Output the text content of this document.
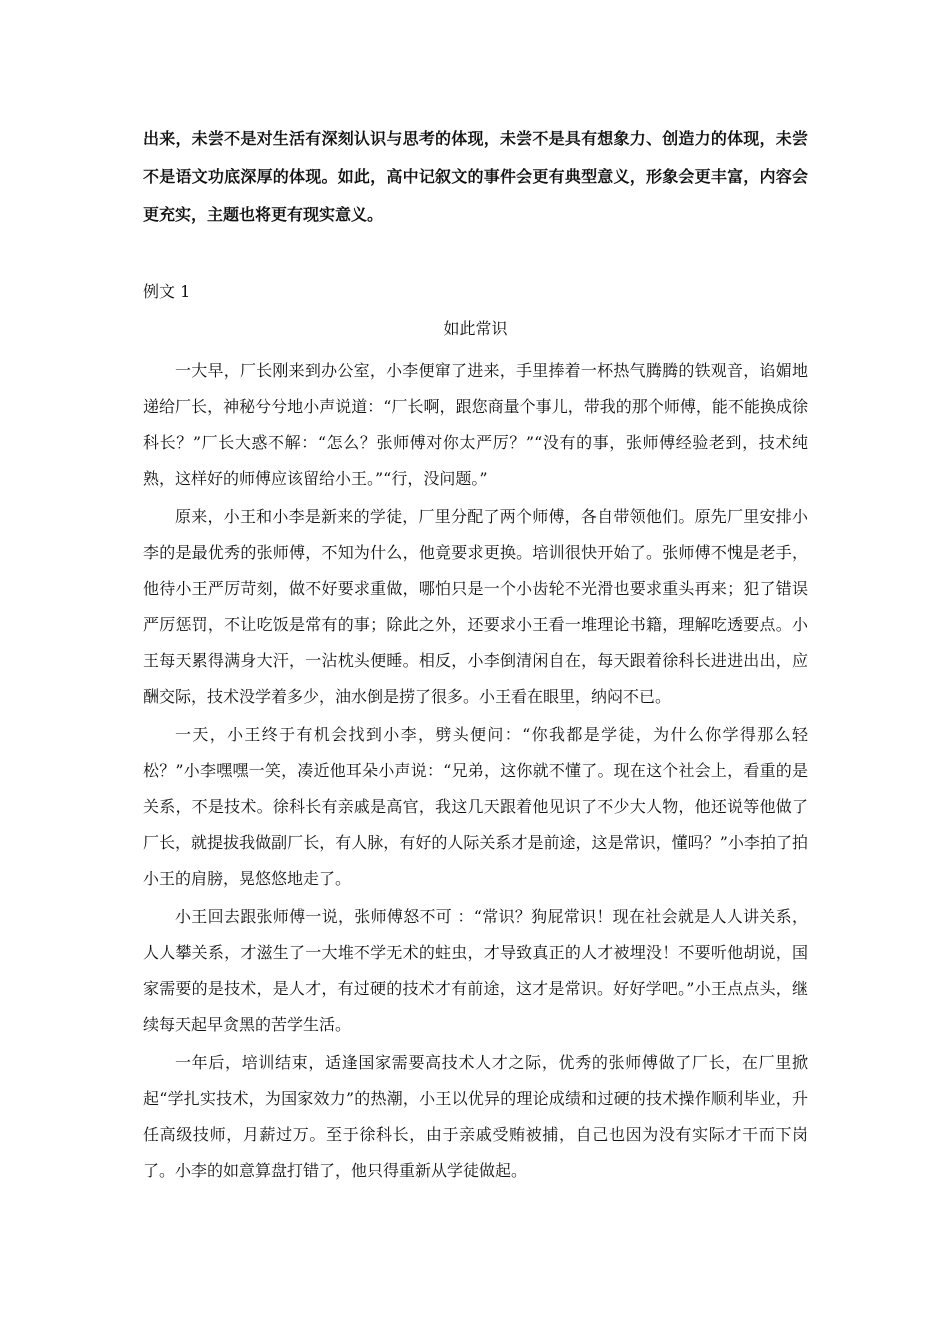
出来，未尝不是对生活有深刻认识与思考的体现，未尝不是具有想象力、创造力的体现，未尝不是语文功底深厚的体现。如此，高中记叙文的事件会更有典型意义，形象会更丰富，内容会更充实，主题也将更有现实意义。

例文 1

如此常识

一大早，厂长刚来到办公室，小李便窜了进来，手里捧着一杯热气腾腾的铁观音，谄媚地递给厂长，神秘兮兮地小声说道：“厂长啊，跟您商量个事儿，带我的那个师傅，能不能换成徐科长？”厂长大惑不解：“怎么？张师傅对你太严厉？”“没有的事，张师傅经验老到，技术纯熟，这样好的师傅应该留给小王。”“行，没问题。”

原来，小王和小李是新来的学徒，厂里分配了两个师傅，各自带领他们。原先厂里安排小李的是最优秀的张师傅，不知为什么，他竟要求更换。培训很快开始了。张师傅不愧是老手，他待小王严厉苛刻，做不好要求重做，哪怕只是一个小齿轮不光滑也要求重头再来；犯了错误严厉惩罚，不让吃饭是常有的事；除此之外，还要求小王看一堆理论书籍，理解吃透要点。小王每天累得满身大汗，一沾枕头便睡。相反，小李倒清闲自在，每天跟着徐科长进进出出，应酬交际，技术没学着多少，油水倒是捞了很多。小王看在眼里，纳闷不已。

一天，小王终于有机会找到小李，劈头便问：“你我都是学徒，为什么你学得那么轻松？”小李嘿嘿一笑，凑近他耳朵小声说：“兄弟，这你就不懂了。现在这个社会上，看重的是关系，不是技术。徐科长有亲戚是高官，我这几天跟着他见识了不少大人物，他还说等他做了厂长，就提拔我做副厂长，有人脉，有好的人际关系才是前途，这是常识，懂吗？”小李拍了拍小王的肩膀，晃悠悠地走了。

小王回去跟张师傅一说，张师傅怒不可 ：“常识？狗屁常识！现在社会就是人人讲关系，人人攀关系，才滋生了一大堆不学无术的蛀虫，才导致真正的人才被埋没！不要听他胡说，国家需要的是技术，是人才，有过硬的技术才有前途，这才是常识。好好学吧。”小王点点头，继续每天起早贪黑的苦学生活。

一年后，培训结束，适逢国家需要高技术人才之际，优秀的张师傅做了厂长，在厂里掀起“学扎实技术，为国家效力”的热潮，小王以优异的理论成绩和过硬的技术操作顺利毕业，升任高级技师，月薪过万。至于徐科长，由于亲戚受贿被捕，自己也因为没有实际才干而下岗了。小李的如意算盘打错了，他只得重新从学徒做起。
